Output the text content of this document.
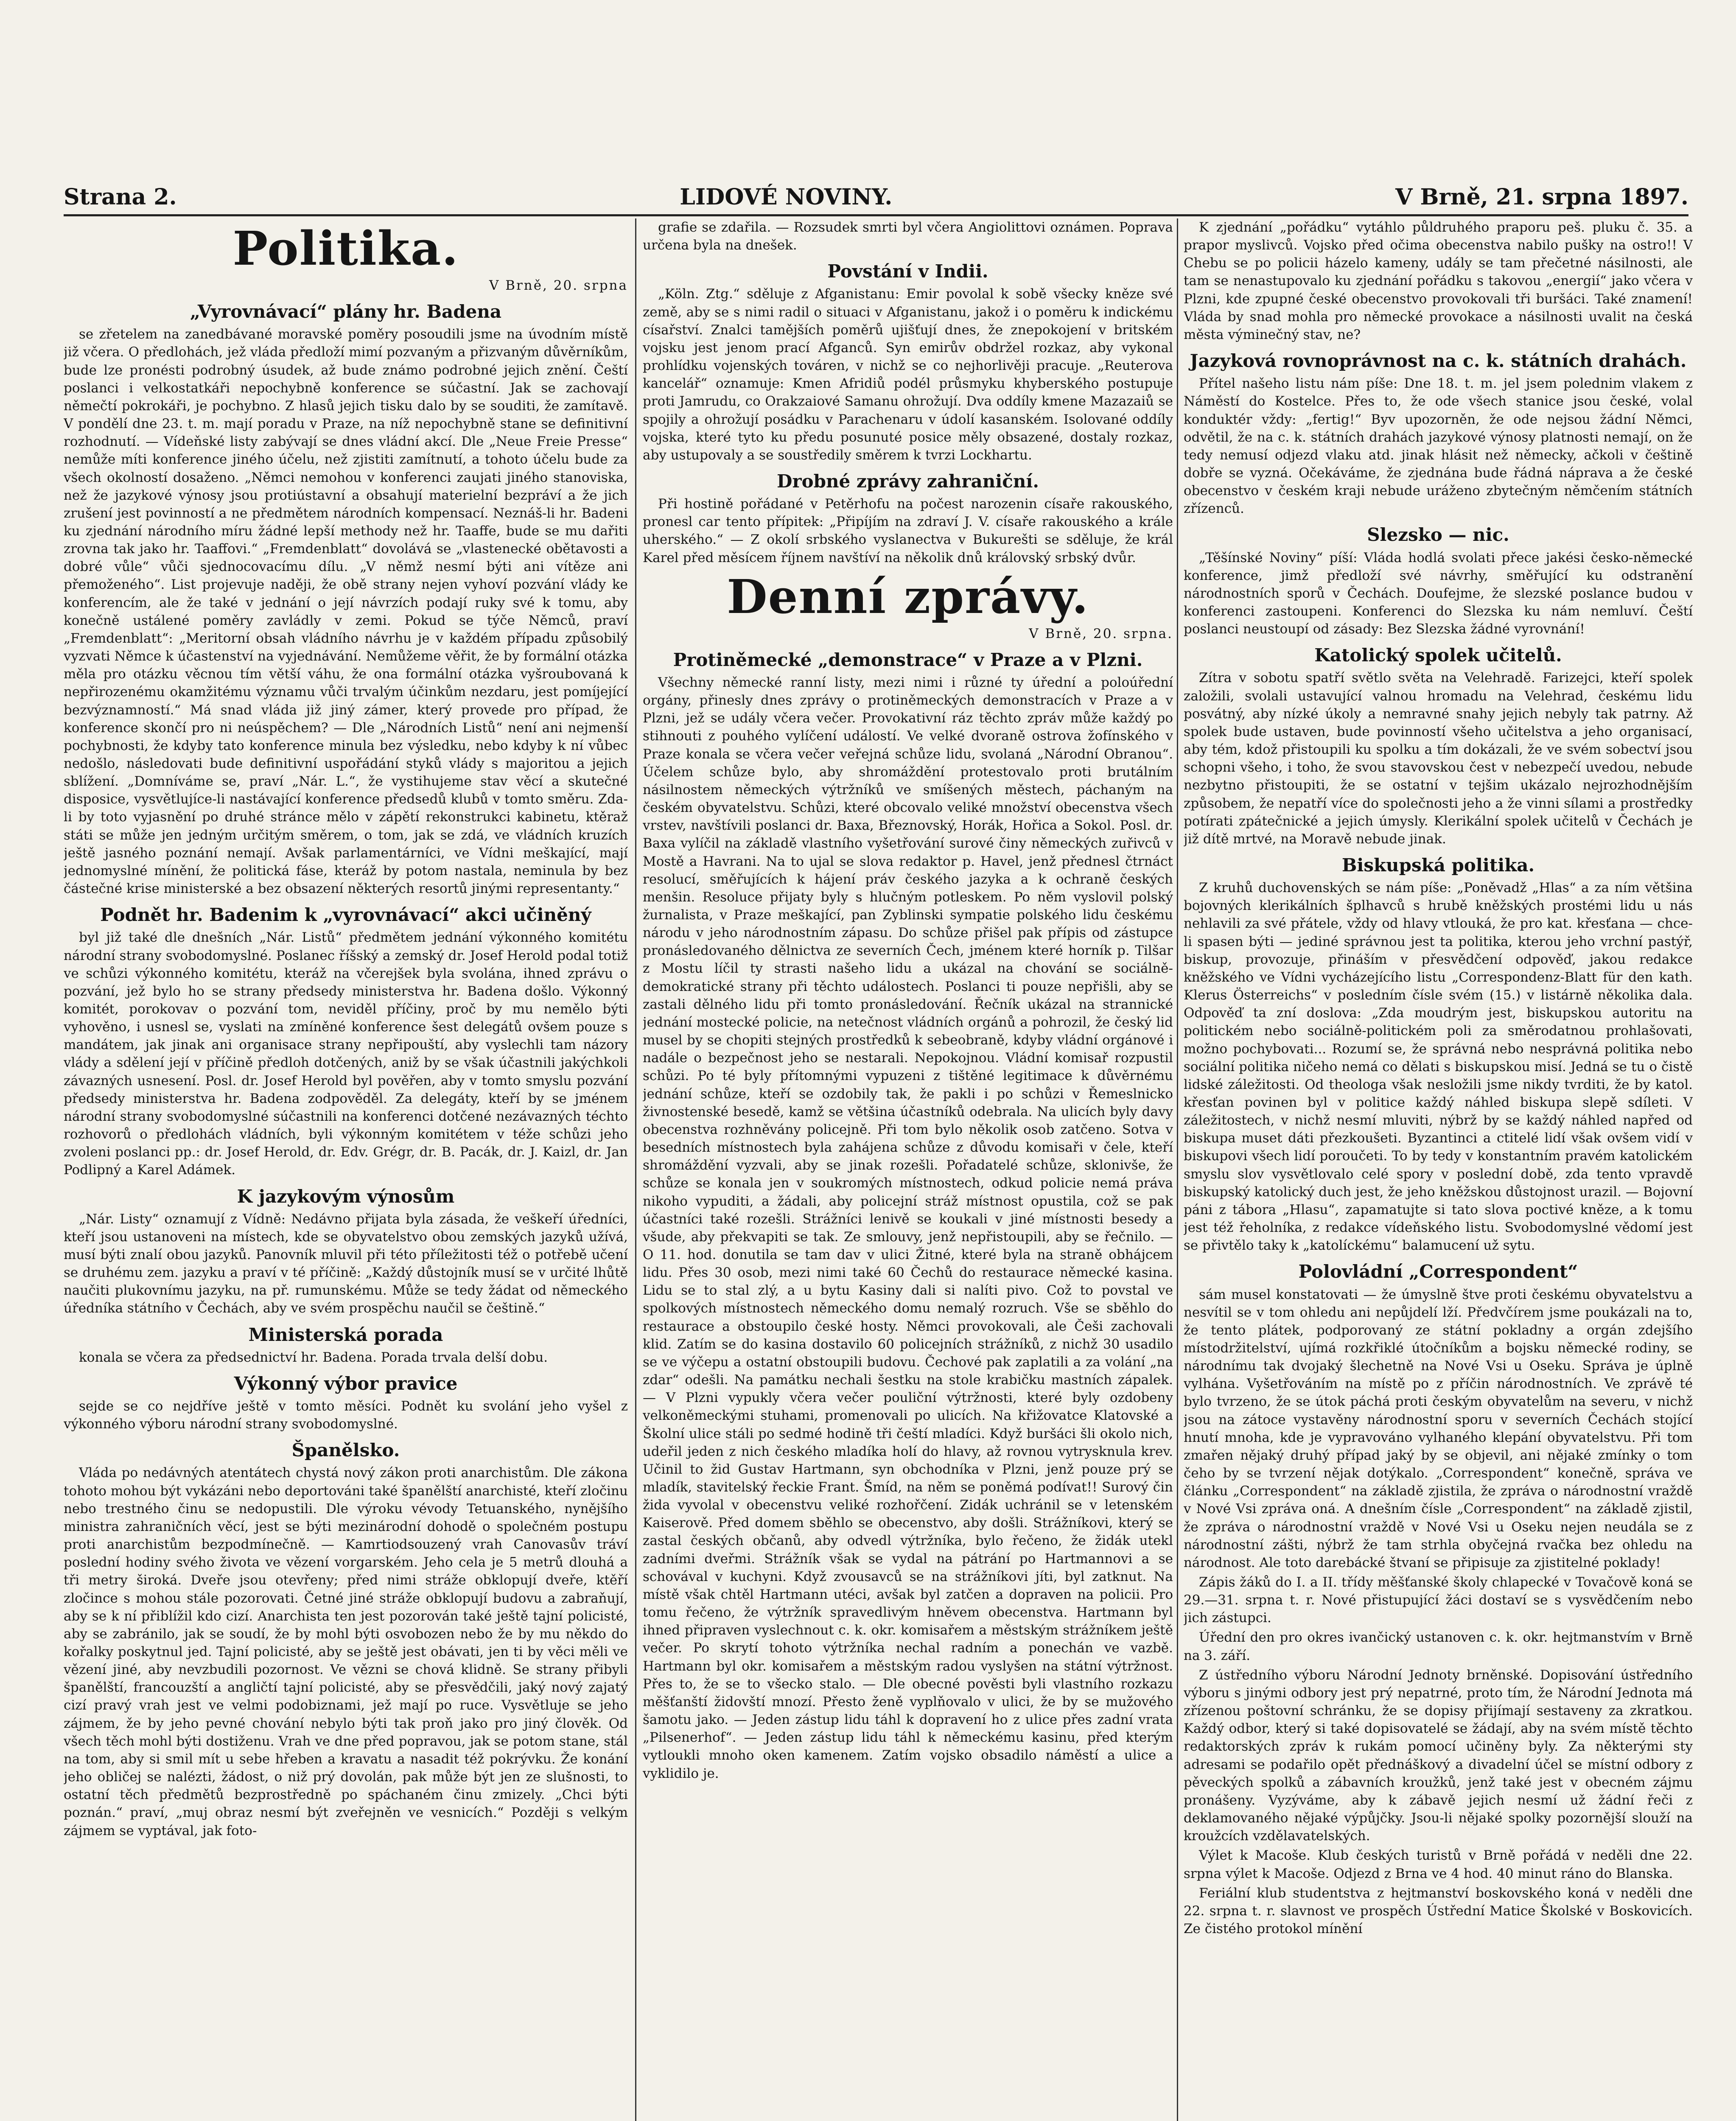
Strana 2.	LIDOVÉ NOVINY.	V Brně, 21. srpna 1897.
Politika.
V Brně, 20. srpna
„Vyrovnávací“ plány hr. Badena

se zřetelem na zanedbávané moravské poměry posoudili jsme na úvodním místě již včera. O předlohách, jež vláda předloží mimí pozvaným a přizvaným důvěrníkům, bude lze pronésti podrobný úsudek, až bude známo podrobné jejich znění. Čeští poslanci i velkostatkáři nepochybně konference se súčastní. Jak se zachovají němečtí pokrokáři, je pochybno. Z hlasů jejich tisku dalo by se souditi, že zamítavě. V pondělí dne 23. t. m. mají poradu v Praze, na níž nepochybně stane se definitivní rozhodnutí. — Vídeňské listy zabývají se dnes vládní akcí. Dle „Neue Freie Presse“ nemůže míti konference jiného účelu, než zjistiti zamítnutí, a tohoto účelu bude za všech okolností dosaženo. „Němci nemohou v konferenci zaujati jiného stanoviska, než že jazykové výnosy jsou protiústavní a obsahují materielní bezpráví a že jich zrušení jest povinností a ne předmětem národních kompensací. Neznáš-li hr. Badeni ku zjednání národního míru žádné lepší methody než hr. Taaffe, bude se mu dařiti zrovna tak jako hr. Taaffovi.“ „Fremdenblatt“ dovolává se „vlastenecké obětavosti a dobré vůle“ vůči sjednocovacímu dílu. „V němž nesmí býti ani vítěze ani přemoženého“. List projevuje naději, že obě strany nejen vyhoví pozvání vlády ke konferencím, ale že také v jednání o její návrzích podají ruky své k tomu, aby konečně ustálené poměry zavládly v zemi. Pokud se týče Němců, praví „Fremdenblatt“: „Meritorní obsah vládního návrhu je v každém případu způsobilý vyzvati Němce k účastenství na vyjednávání. Nemůžeme věřit, že by formální otázka měla pro otázku věcnou tím větší váhu, že ona formální otázka vyšroubovaná k nepřirozenému okamžitému významu vůči trvalým účinkům nezdaru, jest pomíjející bezvýznamností.“ Má snad vláda již jiný zámer, který provede pro případ, že konference skončí pro ni neúspěchem? — Dle „Národních Listů“ není ani nejmenší pochybnosti, že kdyby tato konference minula bez výsledku, nebo kdyby k ní vůbec nedošlo, následovati bude definitivní uspořádání styků vlády s majoritou a jejich sblížení. „Domníváme se, praví „Nár. L.“, že vystihujeme stav věcí a skutečné disposice, vysvětlujíce-li nastávající konference předsedů klubů v tomto směru. Zda-li by toto vyjasnění po druhé stránce mělo v zápětí rekonstrukci kabinetu, ktěraž státi se může jen jedným určitým směrem, o tom, jak se zdá, ve vládních kruzích ještě jasného poznání nemají. Avšak parlamentárníci, ve Vídni meškající, mají jednomyslné mínění, že politická fáse, kteráž by potom nastala, neminula by bez částečné krise ministerské a bez obsazení některých resortů jinými representanty.“

Podnět hr. Badenim k „vyrovnávací“ akci učiněný

byl již také dle dnešních „Nár. Listů“ předmětem jednání výkonného komitétu národní strany svobodomyslné. Poslanec říšský a zemský dr. Josef Herold podal totiž ve schůzi výkonného komitétu, kteráž na včerejšek byla svolána, ihned zprávu o pozvání, jež bylo ho se strany předsedy ministerstva hr. Badena došlo. Výkonný komitét, porokovav o pozvání tom, neviděl příčiny, proč by mu nemělo býti vyhověno, i usnesl se, vyslati na zmíněné konference šest delegátů ovšem pouze s mandátem, jak jinak ani organisace strany nepřipouští, aby vyslechli tam názory vlády a sdělení její v příčině předloh dotčených, aniž by se však účastnili jakýchkoli závazných usnesení. Posl. dr. Josef Herold byl pověřen, aby v tomto smyslu pozvání předsedy ministerstva hr. Badena zodpověděl. Za delegáty, kteří by se jménem národní strany svobodomyslné súčastnili na konferenci dotčené nezávazných téchto rozhovorů o předlohách vládních, byli výkonným komitétem v téže schůzi jeho zvoleni poslanci pp.: dr. Josef Herold, dr. Edv. Grégr, dr. B. Pacák, dr. J. Kaizl, dr. Jan Podlipný a Karel Adámek.

K jazykovým výnosům

„Nár. Listy“ oznamují z Vídně: Nedávno přijata byla zásada, že veškeří úředníci, kteří jsou ustanoveni na místech, kde se obyvatelstvo obou zemských jazyků užívá, musí býti znalí obou jazyků. Panovník mluvil při této příležitosti též o potřebě učení se druhému zem. jazyku a praví v té příčině: „Každý důstojník musí se v určité lhůtě naučiti plukovnímu jazyku, na př. rumunskému. Může se tedy žádat od německého úředníka státního v Čechách, aby ve svém prospěchu naučil se češtině.“

Ministerská porada

konala se včera za předsednictví hr. Badena. Porada trvala delší dobu.

Výkonný výbor pravice

sejde se co nejdříve ještě v tomto měsíci. Podnět ku svolání jeho vyšel z výkonného výboru národní strany svobodomyslné.

Španělsko.

Vláda po nedávných atentátech chystá nový zákon proti anarchistům. Dle zákona tohoto mohou být vykázáni nebo deportováni také španělští anarchisté, kteří zločinu nebo trestného činu se nedopustili. Dle výroku vévody Tetuanského, nynějšího ministra zahraničních věcí, jest se býti mezinárodní dohodě o společném postupu proti anarchistům bezpodmínečně. — Kamrtiodsouzený vrah Canovasův tráví poslední hodiny svého života ve vězení vorgarském. Jeho cela je 5 metrů dlouhá a tři metry široká. Dveře jsou otevřeny; před nimi stráže obklopují dveře, ktěří zločince s mohou stále pozorovati. Četné jiné stráže obklopují budovu a zabraňují, aby se k ní přiblížil kdo cizí. Anarchista ten jest pozorován také ještě tajní policisté, aby se zabránilo, jak se soudí, že by mohl býti osvobozen nebo že by mu někdo do kořalky poskytnul jed. Tajní policisté, aby se ještě jest obávati, jen ti by věci měli ve vězení jiné, aby nevzbudili pozornost. Ve vězni se chová klidně. Se strany přibyli španělští, francouzští a angličtí tajní policisté, aby se přesvědčili, jaký nový zajatý cizí pravý vrah jest ve velmi podobiznami, jež mají po ruce. Vysvětluje se jeho zájmem, že by jeho pevné chování nebylo býti tak proň jako pro jiný člověk. Od všech těch mohl býti dostiženu. Vrah ve dne před popravou, jak se potom stane, stál na tom, aby si smil mít u sebe hřeben a kravatu a nasadit též pokrývku. Že konání jeho obličej se nalézti, žádost, o niž prý dovolán, pak může být jen ze slušnosti, to ostatní těch předmětů bezprostředně po spáchaném činu zmizely. „Chci býti poznán.“ praví, „muj obraz nesmí být zveřejněn ve vesnicích.“ Později s velkým zájmem se vyptával, jak foto-

grafie se zdařila. — Rozsudek smrti byl včera Angiolittovi oznámen. Poprava určena byla na dnešek.

Povstání v Indii.

„Köln. Ztg.“ sděluje z Afganistanu: Emir povolal k sobě všecky kněze své země, aby se s nimi radil o situaci v Afganistanu, jakož i o poměru k indickému císařství. Znalci tamějších poměrů ujišťují dnes, že znepokojení v britském vojsku jest jenom prací Afganců. Syn emirův obdržel rozkaz, aby vykonal prohlídku vojenských továren, v nichž se co nejhorlivěji pracuje. „Reuterova kancelář“ oznamuje: Kmen Afridiů podél průsmyku khyberského postupuje proti Jamrudu, co Orakzaiové Samanu ohrožují. Dva oddíly kmene Mazazaiů se spojily a ohrožují posádku v Parachenaru v údolí kasanském. Isolované oddíly vojska, které tyto ku předu posunuté posice měly obsazené, dostaly rozkaz, aby ustupovaly a se soustředily směrem k tvrzi Lockhartu.

Drobné zprávy zahraniční.

Při hostině pořádané v Petěrhofu na počest narozenin císaře rakouského, pronesl car tento přípitek: „Připíjím na zdraví J. V. císaře rakouského a krále uherského.“ — Z okolí srbského vyslanectva v Bukurešti se sděluje, že král Karel před měsícem říjnem navštíví na několik dnů královský srbský dvůr.

Denní zprávy.
V Brně, 20. srpna.
Protiněmecké „demonstrace“ v Praze a v Plzni.

Všechny německé ranní listy, mezi nimi i různé ty úřední a poloúřední orgány, přinesly dnes zprávy o protiněmeckých demonstracích v Praze a v Plzni, jež se udály včera večer. Provokativní ráz těchto zpráv může každý po stihnouti z pouhého vylíčení událostí. Ve velké dvoraně ostrova žofínského v Praze konala se včera večer veřejná schůze lidu, svolaná „Národní Obranou“. Účelem schůze bylo, aby shromáždění protestovalo proti brutálním násilnostem německých výtržníků ve smíšených městech, páchaným na českém obyvatelstvu. Schůzi, které obcovalo veliké množství obecenstva všech vrstev, navštívili poslanci dr. Baxa, Březnovský, Horák, Hořica a Sokol. Posl. dr. Baxa vylíčil na základě vlastního vyšetřování surové činy německých zuřivců v Mostě a Havrani. Na to ujal se slova redaktor p. Havel, jenž přednesl čtrnáct resolucí, směřujících k hájení práv českého jazyka a k ochraně českých menšin. Resoluce přijaty byly s hlučným potleskem. Po něm vyslovil polský žurnalista, v Praze meškající, pan Zyblinski sympatie polského lidu českému národu v jeho národnostním zápasu. Do schůze přišel pak přípis od zástupce pronásledovaného dělnictva ze severních Čech, jménem které horník p. Tilšar z Mostu líčil ty strasti našeho lidu a ukázal na chování se sociálně-demokratické strany při těchto událostech. Poslanci ti pouze nepřišli, aby se zastali dělného lidu při tomto pronásledování. Řečník ukázal na strannické jednání mostecké policie, na netečnost vládních orgánů a pohrozil, že český lid musel by se chopiti stejných prostředků k sebeobraně, kdyby vládní orgánové i nadále o bezpečnost jeho se nestarali. Nepokojnou. Vládní komisař rozpustil schůzi. Po té byly přítomnými vypuzeni z tištěné legitimace k důvěrnému jednání schůze, kteří se ozdobily tak, že pakli i po schůzi v Řemeslnicko živnostenské besedě, kamž se většina účastníků odebrala. Na ulicích byly davy obecenstva rozhněvány policejně. Při tom bylo několik osob zatčeno. Sotva v besedních místnostech byla zahájena schůze z důvodu komisaři v čele, kteří shromáždění vyzvali, aby se jinak rozešli. Pořadatelé schůze, sklonivše, že schůze se konala jen v soukromých místnostech, odkud policie nemá práva nikoho vypuditi, a žádali, aby policejní stráž místnost opustila, což se pak účastníci také rozešli. Strážníci lenivě se koukali v jiné místnosti besedy a všude, aby překvapiti se tak. Ze smlouvy, jenž nepřistoupili, aby se řečnilo. — O 11. hod. donutila se tam dav v ulici Žitné, které byla na straně obhájcem lidu. Přes 30 osob, mezi nimi také 60 Čechů do restaurace německé kasina. Lidu se to stal zlý, a u bytu Kasiny dali si nalíti pivo. Což to povstal ve spolkových místnostech německého domu nemalý rozruch. Vše se sběhlo do restaurace a obstoupilo české hosty. Němci provokovali, ale Češi zachovali klid. Zatím se do kasina dostavilo 60 policejních strážníků, z nichž 30 usadilo se ve výčepu a ostatní obstoupili budovu. Čechové pak zaplatili a za volání „na zdar“ odešli. Na památku nechali šestku na stole krabičku mastních zápalek. — V Plzni vypukly včera večer pouliční výtržnosti, které byly ozdobeny velkoněmeckými stuhami, promenovali po ulicích. Na křižovatce Klatovské a Školní ulice stáli po sedmé hodině tři čeští mladíci. Když buršáci šli okolo nich, udeřil jeden z nich českého mladíka holí do hlavy, až rovnou vytrysknula krev. Učinil to žid Gustav Hartmann, syn obchodníka v Plzni, jenž pouze prý se mladík, stavitelský řeckie Frant. Šmíd, na něm se poněmá podívat!! Surový čin žida vyvolal v obecenstvu veliké rozhořčení. Zidák uchránil se v letenském Kaiserově. Před domem sběhlo se obecenstvo, aby došli. Strážníkovi, který se zastal českých občanů, aby odvedl výtržníka, bylo řečeno, že židák utekl zadními dveřmi. Strážník však se vydal na pátrání po Hartmannovi a se schovával v kuchyni. Když zvousavců se na strážníkovi jíti, byl zatknut. Na místě však chtěl Hartmann utéci, avšak byl zatčen a dopraven na policii. Pro tomu řečeno, že výtržník spravedlivým hněvem obecenstva. Hartmann byl ihned připraven vyslechnout c. k. okr. komisařem a městským strážníkem ještě večer. Po skrytí tohoto výtržníka nechal radním a ponechán ve vazbě. Hartmann byl okr. komisařem a městským radou vyslyšen na státní výtržnost. Přes to, že se to všecko stalo. — Dle obecné pověsti byli vlastního rozkazu měšťanští židovští mnozí. Přesto ženě vyplňovalo v ulici, že by se mužového šamotu jako. — Jeden zástup lidu táhl k dopravení ho z ulice přes zadní vrata „Pilsenerhof“. — Jeden zástup lidu táhl k německému kasinu, před kterým vytloukli mnoho oken kamenem. Zatím vojsko obsadilo náměstí a ulice a vyklidilo je.

K zjednání „pořádku“ vytáhlo půldruhého praporu peš. pluku č. 35. a prapor myslivců. Vojsko před očima obecenstva nabilo pušky na ostro!! V Chebu se po policii házelo kameny, udály se tam přečetné násilnosti, ale tam se nenastupovalo ku zjednání pořádku s takovou „energií“ jako včera v Plzni, kde zpupné české obecenstvo provokovali tři buršáci. Také znamení! Vláda by snad mohla pro německé provokace a násilnosti uvalit na česká města výminečný stav, ne?

Jazyková rovnoprávnost na c. k. státních drahách.

Přítel našeho listu nám píše: Dne 18. t. m. jel jsem polednim vlakem z Náměstí do Kostelce. Přes to, že ode všech stanice jsou české, volal konduktér vždy: „fertig!“ Byv upozorněn, že ode nejsou žádní Němci, odvětil, že na c. k. státních drahách jazykové výnosy platnosti nemají, on že tedy nemusí odjezd vlaku atd. jinak hlásit než německy, ačkoli v češtině dobře se vyzná. Očekáváme, že zjednána bude řádná náprava a že české obecenstvo v českém kraji nebude uráženo zbytečným němčením státních zřízenců.

Slezsko — nic.

„Těšínské Noviny“ píší: Vláda hodlá svolati přece jakési česko-německé konference, jimž předloží své návrhy, směřující ku odstranění národnostních sporů v Čechách. Doufejme, že slezské poslance budou v konferenci zastoupeni. Konferenci do Slezska ku nám nemluví. Čeští poslanci neustoupí od zásady: Bez Slezska žádné vyrovnání!

Katolický spolek učitelů.

Zítra v sobotu spatří světlo světa na Velehradě. Farizejci, kteří spolek založili, svolali ustavující valnou hromadu na Velehrad, českému lidu posvátný, aby nízké úkoly a nemravné snahy jejich nebyly tak patrny. Až spolek bude ustaven, bude povinností všeho učitelstva a jeho organisací, aby tém, kdož přistoupili ku spolku a tím dokázali, že ve svém sobectví jsou schopni všeho, i toho, že svou stavovskou čest v nebezpečí uvedou, nebude nezbytno přistoupiti, že se ostatní v tejšim ukázalo nejrozhodnějším způsobem, že nepatří více do společnosti jeho a že vinni sílami a prostředky potírati zpátečnické a jejich úmysly. Klerikální spolek učitelů v Čechách je již dítě mrtvé, na Moravě nebude jinak.

Biskupská politika.

Z kruhů duchovenských se nám píše: „Poněvadž „Hlas“ a za ním většina bojovných klerikálních šplhavců s hrubě kněžských prostémi lidu u nás nehlavili za své přátele, vždy od hlavy vtlouká, že pro kat. křesťana — chce-li spasen býti — jediné správnou jest ta politika, kterou jeho vrchní pastýř, biskup, provozuje, přináším v přesvědčení odpověď, jakou redakce kněžského ve Vídni vycházejícího listu „Correspondenz-Blatt für den kath. Klerus Österreichs“ v posledním čísle svém (15.) v listárně několika dala. Odpověď ta zní doslova: „Zda moudrým jest, biskupskou autoritu na politickém nebo sociálně-politickém poli za směrodatnou prohlašovati, možno pochybovati... Rozumí se, že správná nebo nesprávná politika nebo sociální politika ničeho nemá co dělati s biskupskou misí. Jedná se tu o čistě lidské záležitosti. Od theologa však nesložili jsme nikdy tvrditi, že by katol. křesťan povinen byl v politice každý náhled biskupa slepě sdíleti. V záležitostech, v nichž nesmí mluviti, nýbrž by se každý náhled napřed od biskupa muset dáti přezkoušeti. Byzantinci a ctitelé lidí však ovšem vidí v biskupovi všech lidí poroučeti. To by tedy v konstantním pravém katolickém smyslu slov vysvětlovalo celé spory v poslední době, zda tento vpravdě biskupský katolický duch jest, že jeho kněžskou důstojnost urazil. — Bojovní páni z tábora „Hlasu“, zapamatujte si tato slova poctivé kněze, a k tomu jest též řeholníka, z redakce vídeňského listu. Svobodomyslné vědomí jest se přivtělo taky k „katolíckému“ balamucení už sytu.

Polovládní „Correspondent“

sám musel konstatovati — že úmyslně štve proti českému obyvatelstvu a nesvítil se v tom ohledu ani nepůjdelí lží. Předvčírem jsme poukázali na to, že tento plátek, podporovaný ze státní pokladny a orgán zdejšího místodržitelství, ujímá rozkřiklé útočníkům a bojsku německé rodiny, se národnímu tak dvojaký šlechetně na Nové Vsi u Oseku. Správa je úplně vylhána. Vyšetřováním na místě po z příčin národnostních. Ve zprávě té bylo tvrzeno, že se útok páchá proti českým obyvatelům na severu, v nichž jsou na zátoce vystavěny národnostní sporu v severních Čechách stojící hnutí mnoha, kde je vypravováno vylhaného klepání obyvatelstvu. Při tom zmařen nějaký druhý případ jaký by se objevil, ani nějaké zmínky o tom čeho by se tvrzení nějak dotýkalo. „Correspondent“ konečně, správa ve článku „Correspondent“ na základě zjistila, že zpráva o národnostní vraždě v Nové Vsi zpráva oná. A dnešním čísle „Correspondent“ na základě zjistil, že zpráva o národnostní vraždě v Nové Vsi u Oseku nejen neudála se z národnostní zášti, nýbrž že tam strhla obyčejná rvačka bez ohledu na národnost. Ale toto darebácké štvaní se připisuje za zjistitelné poklady!

Zápis žáků do I. a II. třídy měšťanské školy chlapecké v Tovačově koná se 29.—31. srpna t. r. Nové přistupující žáci dostaví se s vysvědčením nebo jich zástupci.

Úřední den pro okres ivančický ustanoven c. k. okr. hejtmanstvím v Brně na 3. září.

Z ústředního výboru Národní Jednoty brněnské. Dopisování ústředního výboru s jinými odbory jest prý nepatrné, proto tím, že Národní Jednota má zřízenou poštovní schránku, že se dopisy přijímají sestaveny za zkratkou. Každý odbor, který si také dopisovatelé se žádají, aby na svém místě těchto redaktorských zpráv k rukám pomocí učiněny byly. Za některými sty adresami se podařilo opět přednáškový a divadelní účel se místní odbory z pěveckých spolků a zábavních kroužků, jenž také jest v obecném zájmu pronášeny. Vyzýváme, aby k zábavě jejich nesmí už žádní řeči z deklamovaného nějaké výpůjčky. Jsou-li nějaké spolky pozornější slouží na kroužcích vzdělavatelských.

Výlet k Macoše. Klub českých turistů v Brně pořádá v neděli dne 22. srpna výlet k Macoše. Odjezd z Brna ve 4 hod. 40 minut ráno do Blanska.

Feriální klub studentstva z hejtmanství boskovského koná v neděli dne 22. srpna t. r. slavnost ve prospěch Ústřední Matice Školské v Boskovicích. Ze čistého protokol mínění
